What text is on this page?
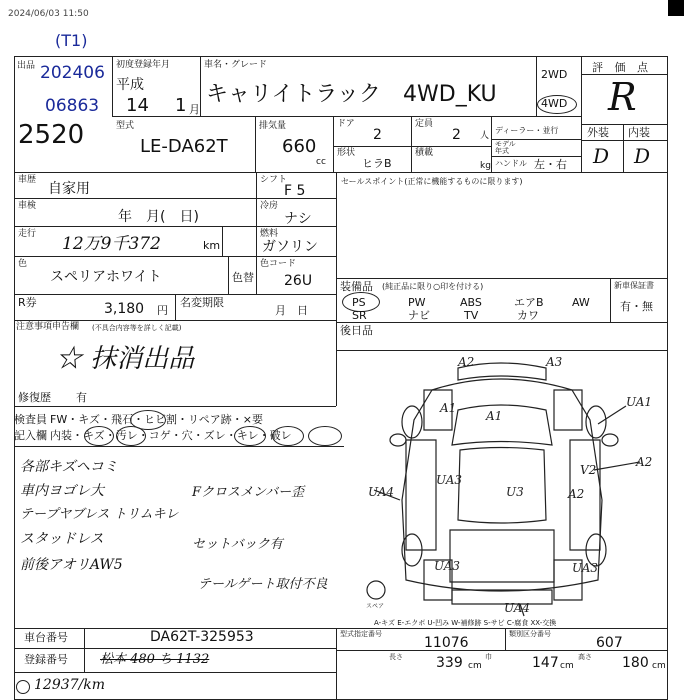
2024/06/03 11:50
(T1)
202406
06863
出品
2520
初度登録年月
平成
14 1 月
車名・グレード
キャリイトラック 4WD_KU
2WD
4WD
評 価 点
R
外装 内装
D D
型式
LE-DA62T
排気量
660
cc
ドア
2
形状
ヒラB
定員
2 人
積載
kg
ディーラー・並行
モデル年式
ハンドル 左・右
車歴
自家用
車検
年　月(　日)
走行 12万9千372	km
色
スペリアホワイト	色替
R券	3,180 円
名変期限
月　日
注意事項申告欄 (不具合内容等を詳しく記載)
☆ 抹消出品
修復歴 有
シフト
F 5
冷房
ナシ
燃料
ガソリン
色コード
26U
セールスポイント(正常に機能するものに限ります)
装備品 (純正品に限り○印を付ける)	新車保証書
有・無
PS	PW	ABS	エアB	AW
SR	ナビ	TV	カワ
後日品
検査員
記入欄
FW・キズ・飛石・ヒビ割・リペア跡・×要
内装・キズ・汚レ・コゲ・穴・ズレ・キレ・破レ
各部キズヘコミ
車内ヨゴレ大
テープヤブレス トリムキレ
スタッドレス
前後アオリAW5
Fクロスメンバー歪
セットバック有
テールゲート取付不良
スペア
A2	A3
A1
A1
UA1
A2
V2
UA3
U3	A2
UA4
UA3	UA3
UA4
A-キズ E-エクボ U-凹み W-補修跡 S-サビ C-腐食 XX-交換
車台番号	DA62T-325953
登録番号 松本 480 ち 1132
型式指定番号
11076
類別区分番号
607
長さ 339 cm
巾	147 cm
高さ 180 cm
12937/km
